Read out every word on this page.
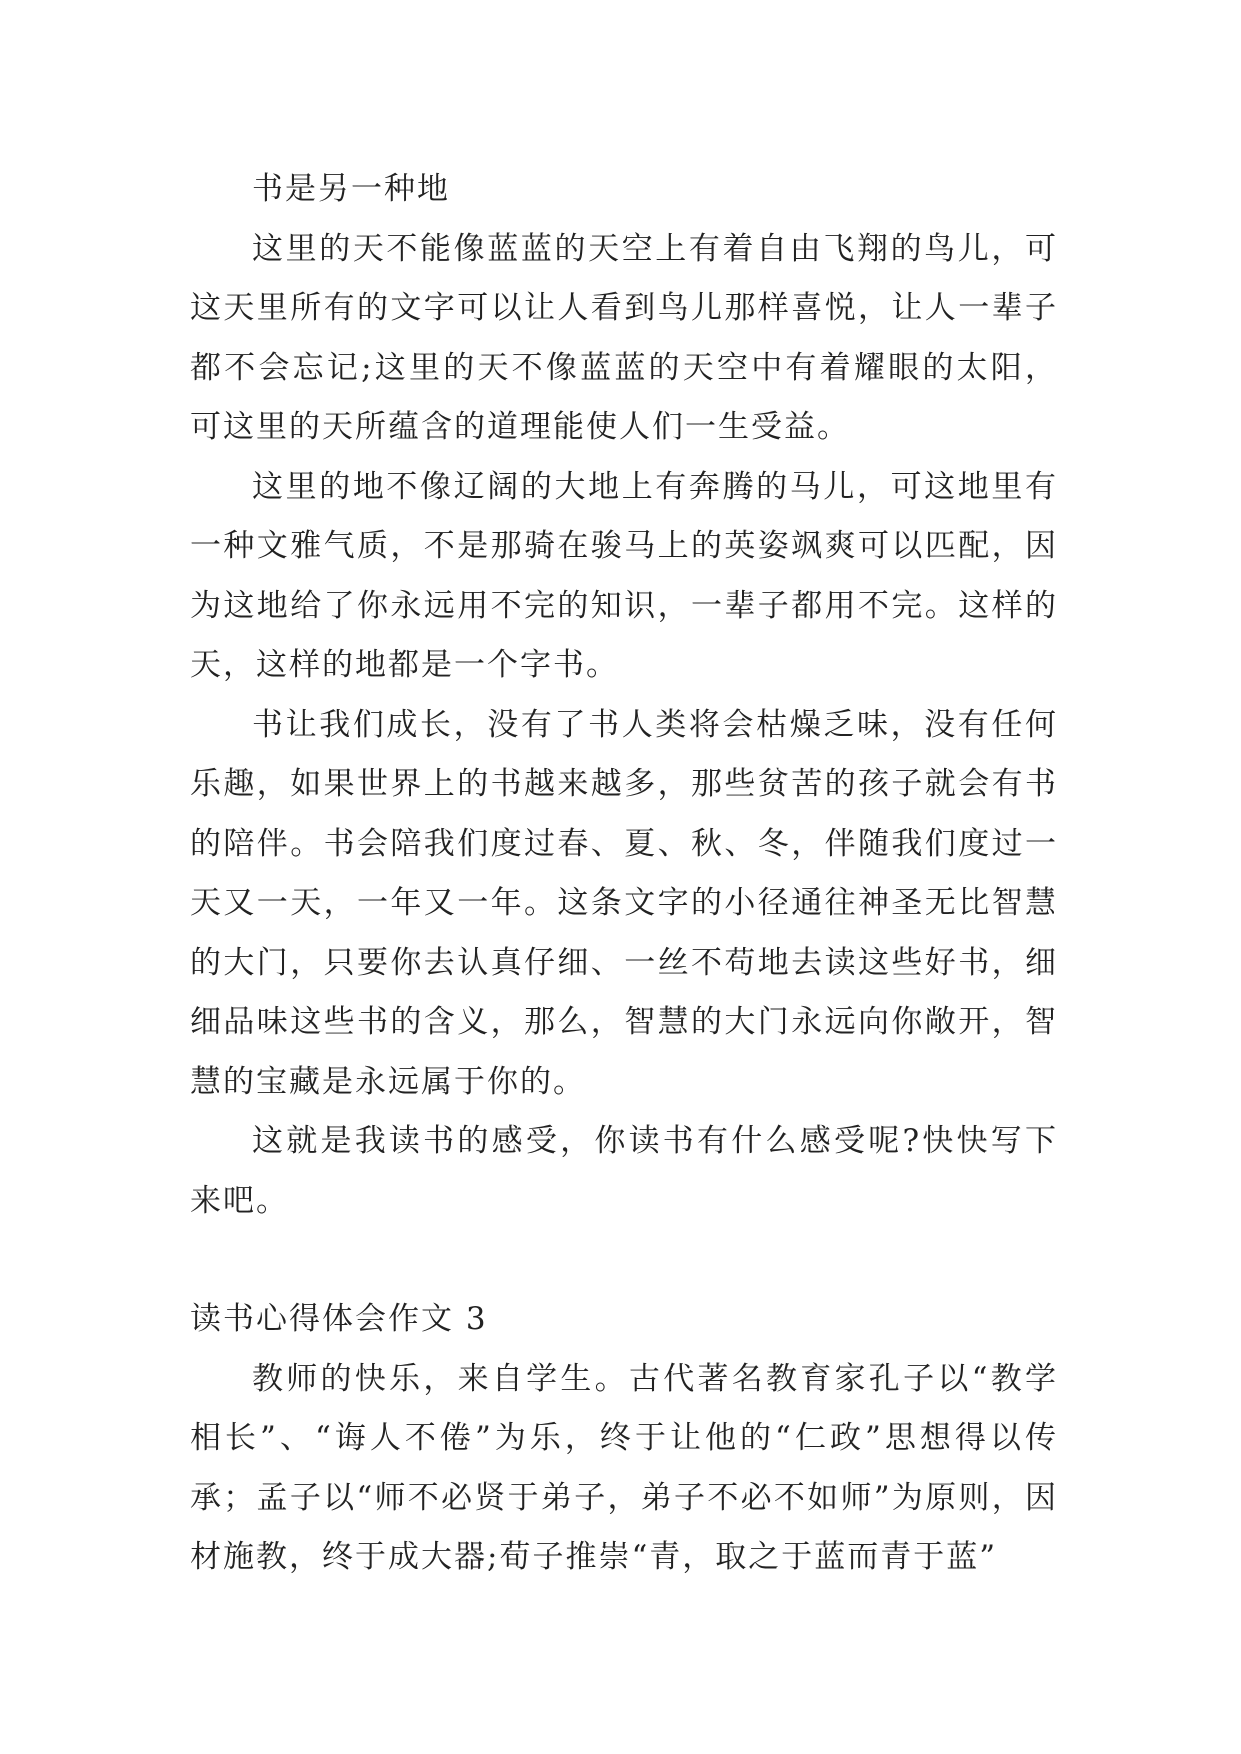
书是另一种地

这里的天不能像蓝蓝的天空上有着自由飞翔的鸟儿，可这天里所有的文字可以让人看到鸟儿那样喜悦，让人一辈子都不会忘记;这里的天不像蓝蓝的天空中有着耀眼的太阳，可这里的天所蕴含的道理能使人们一生受益。

这里的地不像辽阔的大地上有奔腾的马儿，可这地里有一种文雅气质，不是那骑在骏马上的英姿飒爽可以匹配，因为这地给了你永远用不完的知识，一辈子都用不完。这样的天，这样的地都是一个字书。

书让我们成长，没有了书人类将会枯燥乏味，没有任何乐趣，如果世界上的书越来越多，那些贫苦的孩子就会有书的陪伴。书会陪我们度过春、夏、秋、冬，伴随我们度过一天又一天，一年又一年。这条文字的小径通往神圣无比智慧的大门，只要你去认真仔细、一丝不苟地去读这些好书，细细品味这些书的含义，那么，智慧的大门永远向你敞开，智慧的宝藏是永远属于你的。

这就是我读书的感受，你读书有什么感受呢?快快写下来吧。

读书心得体会作文 3

教师的快乐，来自学生。古代著名教育家孔子以“教学相长”、“诲人不倦”为乐，终于让他的“仁政”思想得以传承；孟子以“师不必贤于弟子，弟子不必不如师”为原则，因材施教，终于成大器;荀子推崇“青，取之于蓝而青于蓝”
